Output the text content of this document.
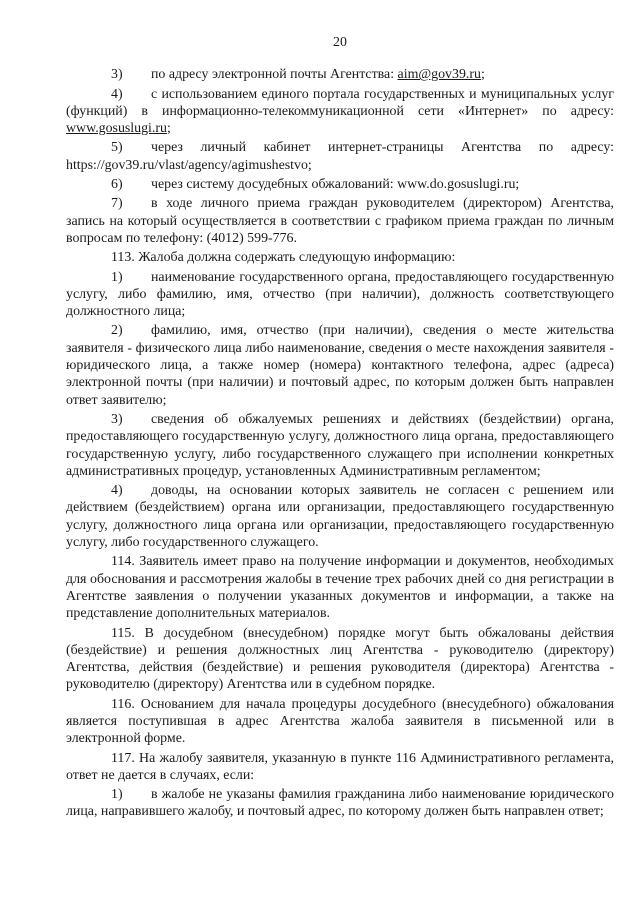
20

3) по адресу электронной почты Агентства: aim@gov39.ru;

4) с использованием единого портала государственных и муниципальных услуг (функций) в информационно-телекоммуникационной сети «Интернет» по адресу: www.gosuslugi.ru;

5) через личный кабинет интернет-страницы Агентства по адресу: https://gov39.ru/vlast/agency/agimushestvo;

6) через систему досудебных обжалований: www.do.gosuslugi.ru;

7) в ходе личного приема граждан руководителем (директором) Агентства, запись на который осуществляется в соответствии с графиком приема граждан по личным вопросам по телефону: (4012) 599-776.

113. Жалоба должна содержать следующую информацию:

1) наименование государственного органа, предоставляющего государственную услугу, либо фамилию, имя, отчество (при наличии), должность соответствующего должностного лица;

2) фамилию, имя, отчество (при наличии), сведения о месте жительства заявителя - физического лица либо наименование, сведения о месте нахождения заявителя - юридического лица, а также номер (номера) контактного телефона, адрес (адреса) электронной почты (при наличии) и почтовый адрес, по которым должен быть направлен ответ заявителю;

3) сведения об обжалуемых решениях и действиях (бездействии) органа, предоставляющего государственную услугу, должностного лица органа, предоставляющего государственную услугу, либо государственного служащего при исполнении конкретных административных процедур, установленных Административным регламентом;

4) доводы, на основании которых заявитель не согласен с решением или действием (бездействием) органа или организации, предоставляющего государственную услугу, должностного лица органа или организации, предоставляющего государственную услугу, либо государственного служащего.

114. Заявитель имеет право на получение информации и документов, необходимых для обоснования и рассмотрения жалобы в течение трех рабочих дней со дня регистрации в Агентстве заявления о получении указанных документов и информации, а также на представление дополнительных материалов.

115. В досудебном (внесудебном) порядке могут быть обжалованы действия (бездействие) и решения должностных лиц Агентства - руководителю (директору) Агентства, действия (бездействие) и решения руководителя (директора) Агентства - руководителю (директору) Агентства или в судебном порядке.

116. Основанием для начала процедуры досудебного (внесудебного) обжалования является поступившая в адрес Агентства жалоба заявителя в письменной или в электронной форме.

117. На жалобу заявителя, указанную в пункте 116 Административного регламента, ответ не дается в случаях, если:

1) в жалобе не указаны фамилия гражданина либо наименование юридического лица, направившего жалобу, и почтовый адрес, по которому должен быть направлен ответ;
